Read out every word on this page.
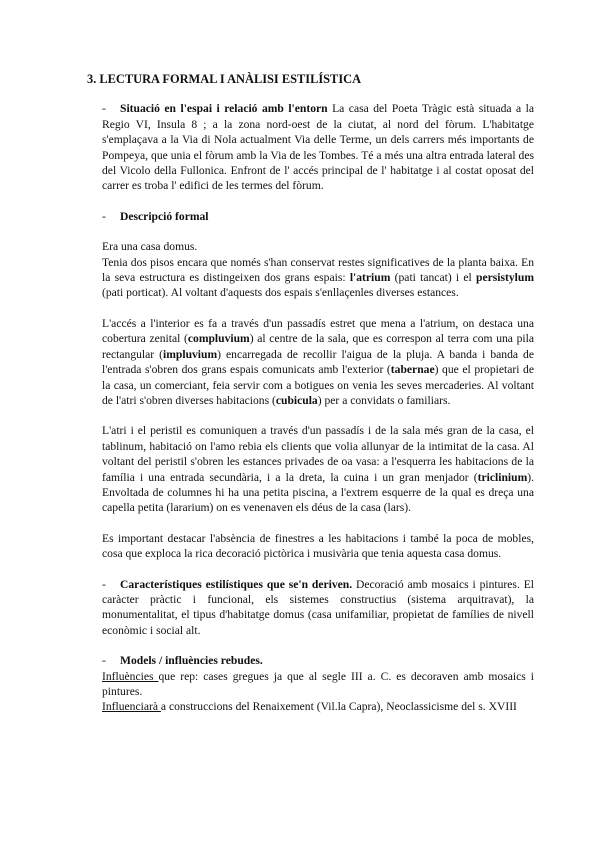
3. LECTURA FORMAL I ANÀLISI ESTILÍSTICA

- Situació en l'espai i relació amb l'entorn La casa del Poeta Tràgic està situada a la Regio VI, Insula 8 ; a la zona nord-oest de la ciutat, al nord del fòrum. L'habitatge s'emplaçava a la Via di Nola actualment Via delle Terme, un dels carrers més importants de Pompeya, que unia el fòrum amb la Via de les Tombes. Té a més una altra entrada lateral des del Vicolo della Fullonica. Enfront de l' accés principal de l' habitatge i al costat oposat del carrer es troba l' edifici de les termes del fòrum.

- Descripció formal

Era una casa domus.
Tenia dos pisos encara que només s'han conservat restes significatives de la planta baixa. En la seva estructura es distingeixen dos grans espais: l'atrium (pati tancat) i el persistylum (pati porticat). Al voltant d'aquests dos espais s'enllaçenles diverses estances.

L'accés a l'interior es fa a través d'un passadís estret que mena a l'atrium, on destaca una cobertura zenital (compluvium) al centre de la sala, que es correspon al terra com una pila rectangular (impluvium) encarregada de recollir l'aigua de la pluja. A banda i banda de l'entrada s'obren dos grans espais comunicats amb l'exterior (tabernae) que el propietari de la casa, un comerciant, feia servir com a botigues on venia les seves mercaderies. Al voltant de l'atri s'obren diverses habitacions (cubicula) per a convidats o familiars.

L'atri i el peristil es comuniquen a través d'un passadís i de la sala més gran de la casa, el tablinum, habitació on l'amo rebia els clients que volia allunyar de la intimitat de la casa. Al voltant del peristil s'obren les estances privades de oa vasa: a l'esquerra les habitacions de la família i una entrada secundària, i a la dreta, la cuina i un gran menjador (triclinium). Envoltada de columnes hi ha una petita piscina, a l'extrem esquerre de la qual es dreça una capella petita (lararium) on es venenaven els déus de la casa (lars).

Es important destacar l'absència de finestres a les habitacions i també la poca de mobles, cosa que exploca la rica decoració pictòrica i musivària que tenia aquesta casa domus.

- Característiques estilístiques que se'n deriven. Decoració amb mosaics i pintures. El caràcter pràctic i funcional, els sistemes constructius (sistema arquitravat), la monumentalitat, el tipus d'habitatge domus (casa unifamiliar, propietat de famílies de nivell econòmic i social alt.

- Models / influències rebudes.

Influències que rep: cases gregues ja que al segle III a. C. es decoraven amb mosaics i pintures.

Influenciarà a construccions del Renaixement (Vil.la Capra), Neoclassicisme del s. XVIII
